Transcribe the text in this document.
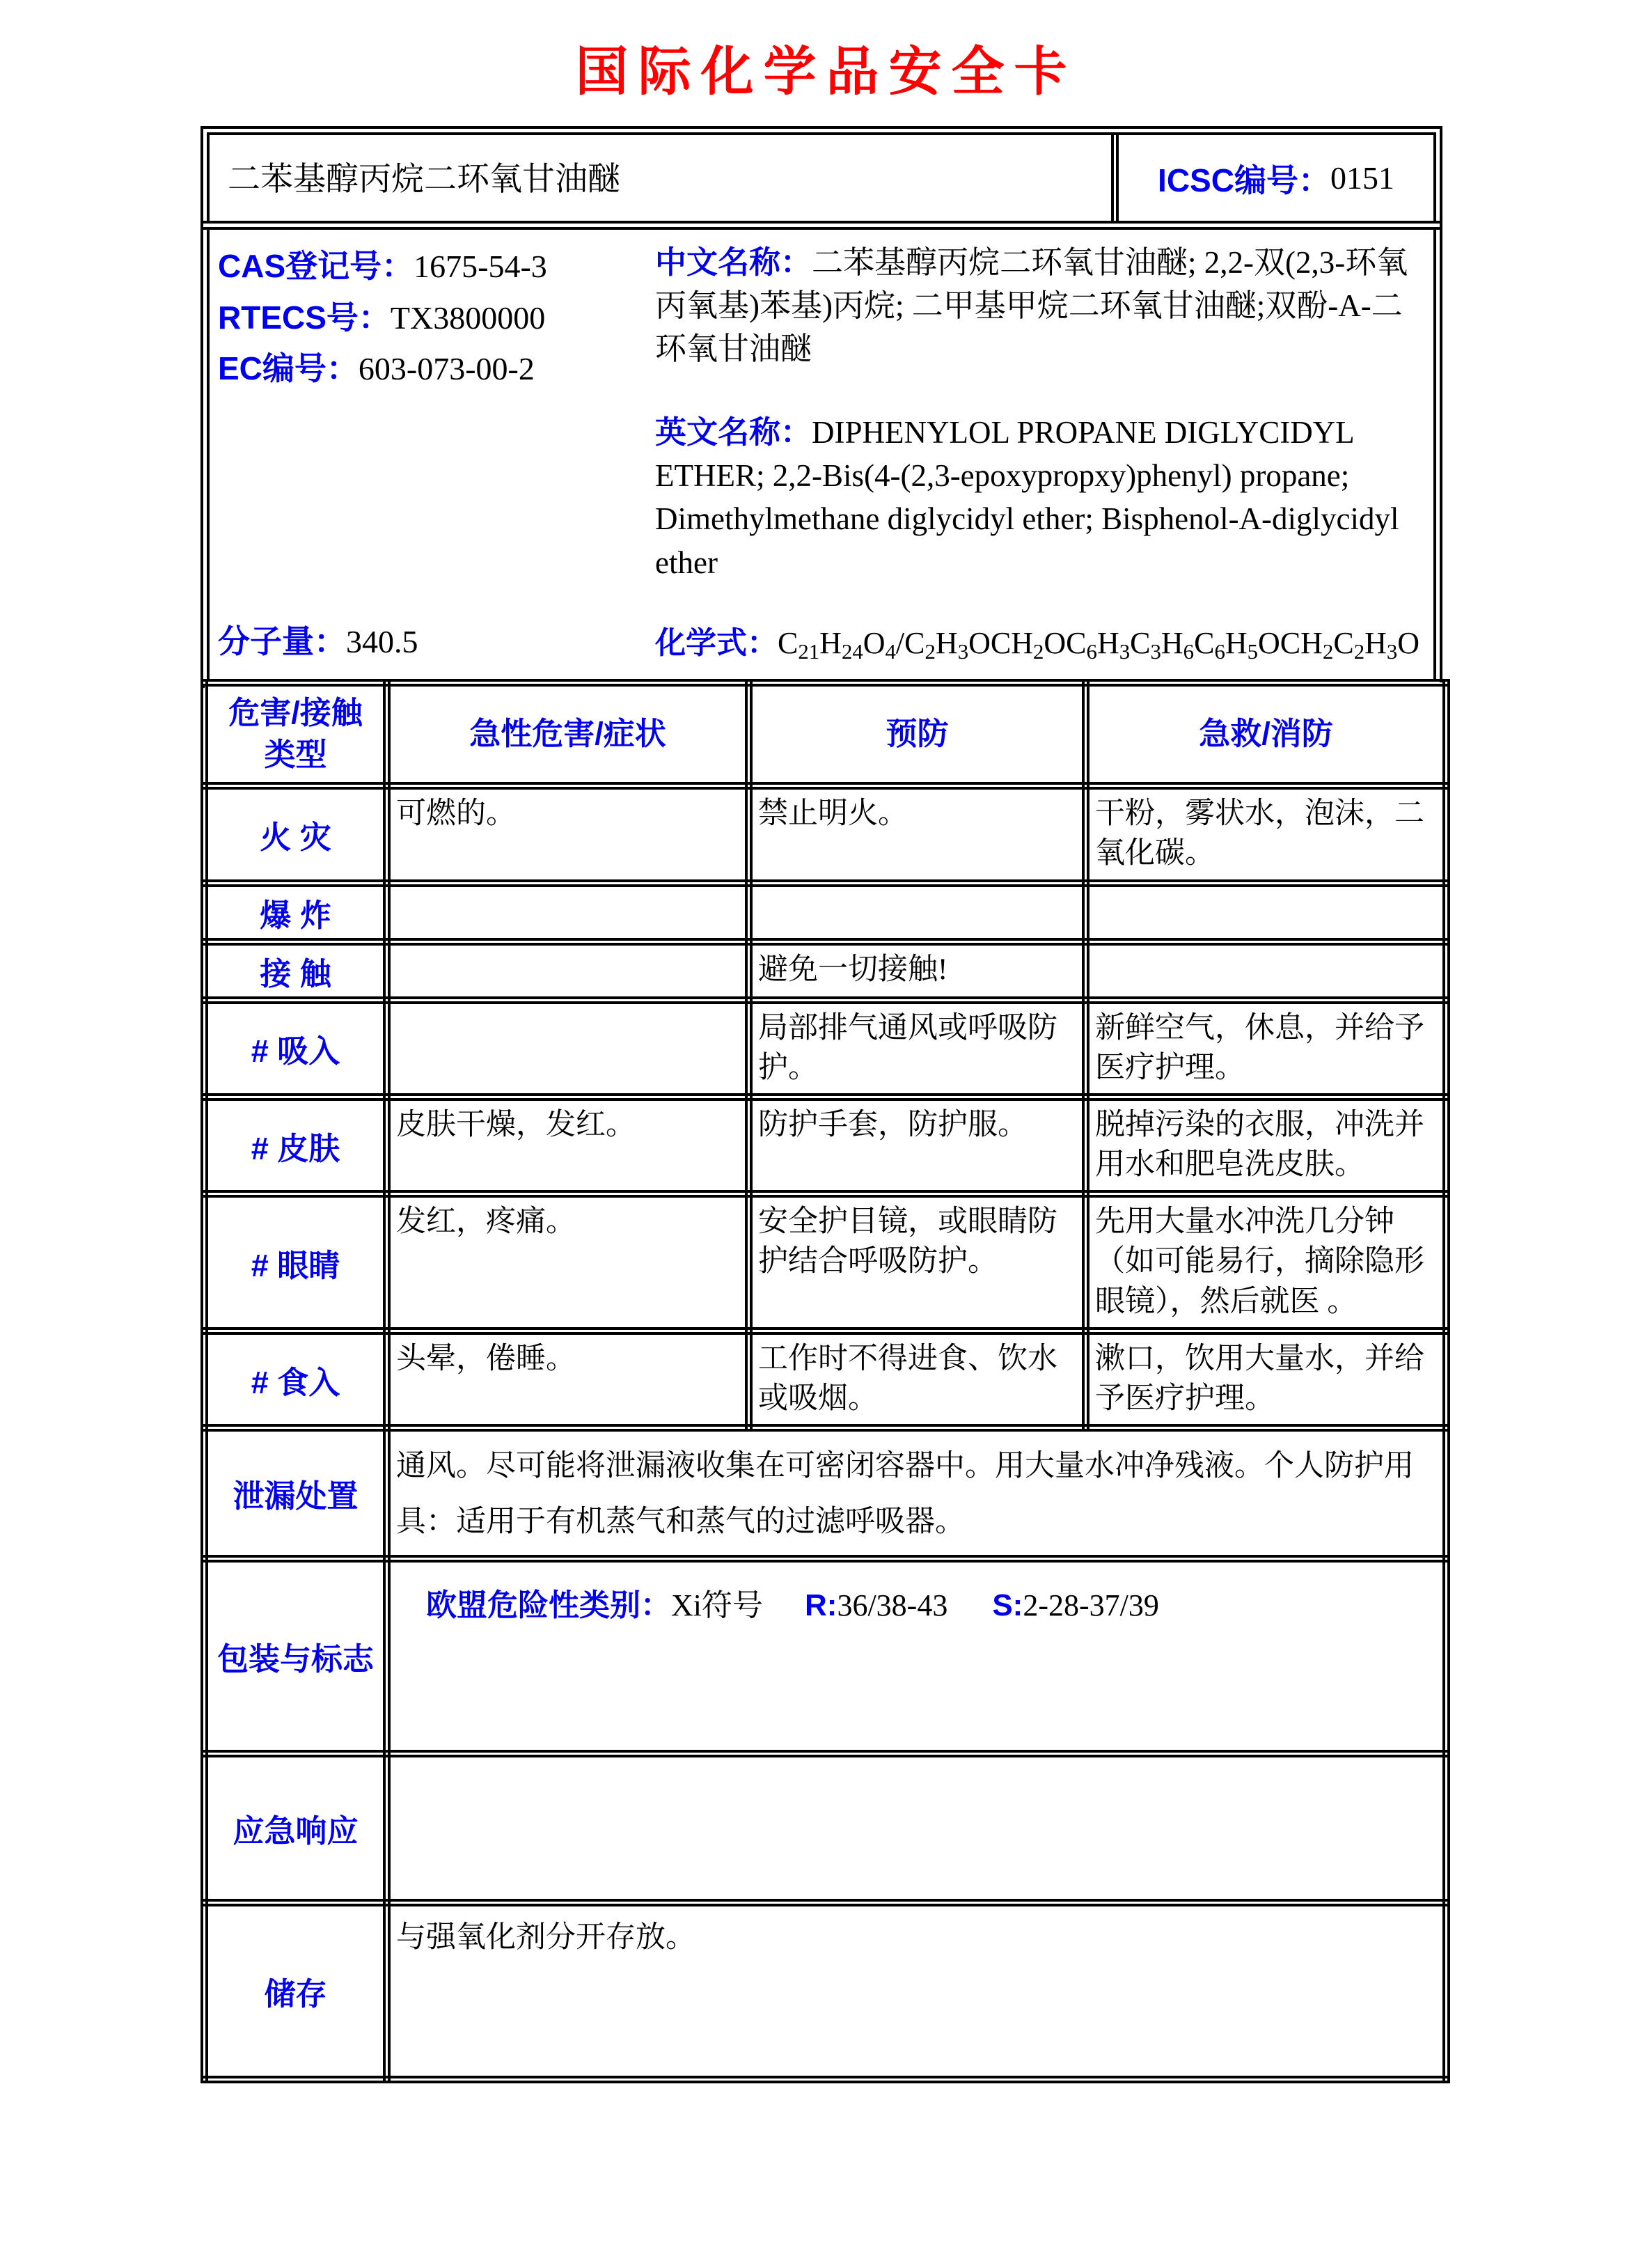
国际化学品安全卡
二苯基醇丙烷二环氧甘油醚	ICSC编号： 0151
CAS登记号：1675-54-3
RTECS号：TX3800000
EC编号：603-073-00-2
中文名称：二苯基醇丙烷二环氧甘油醚; 2,2-双(2,3-环氧丙氧基)苯基)丙烷; 二甲基甲烷二环氧甘油醚;双酚-A-二环氧甘油醚
英文名称：DIPHENYLOL PROPANE DIGLYCIDYL ETHER; 2,2-Bis(4-(2,3-epoxypropxy)phenyl) propane; Dimethylmethane diglycidyl ether; Bisphenol-A-diglycidyl ether
分子量：340.5	化学式：$C_{21}H_{24}O_4/C_2H_3OCH_2OC_6H_3C_3H_6C_6H_5OCH_2C_2H_3O$
危害/接触
类型	急性危害/症状	预防	急救/消防
火 灾	可燃的。	禁止明火。	干粉，雾状水，泡沫，二氧化碳。
爆 炸			
接 触		避免一切接触!	
# 吸入		局部排气通风或呼吸防护。	新鲜空气，休息，并给予医疗护理。
# 皮肤	皮肤干燥，发红。	防护手套，防护服。	脱掉污染的衣服，冲洗并用水和肥皂洗皮肤。
# 眼睛	发红，疼痛。	安全护目镜，或眼睛防护结合呼吸防护。	先用大量水冲洗几分钟（如可能易行，摘除隐形眼镜），然后就医 。
# 食入	头晕，倦睡。	工作时不得进食、饮水或吸烟。	漱口，饮用大量水，并给予医疗护理。
泄漏处置	通风。尽可能将泄漏液收集在可密闭容器中。用大量水冲净残液。个人防护用具：适用于有机蒸气和蒸气的过滤呼吸器。		
包装与标志	欧盟危险性类别：Xi符号 R:36/38-43 S:2-28-37/39		

应急响应			
储存	与强氧化剂分开存放。		
